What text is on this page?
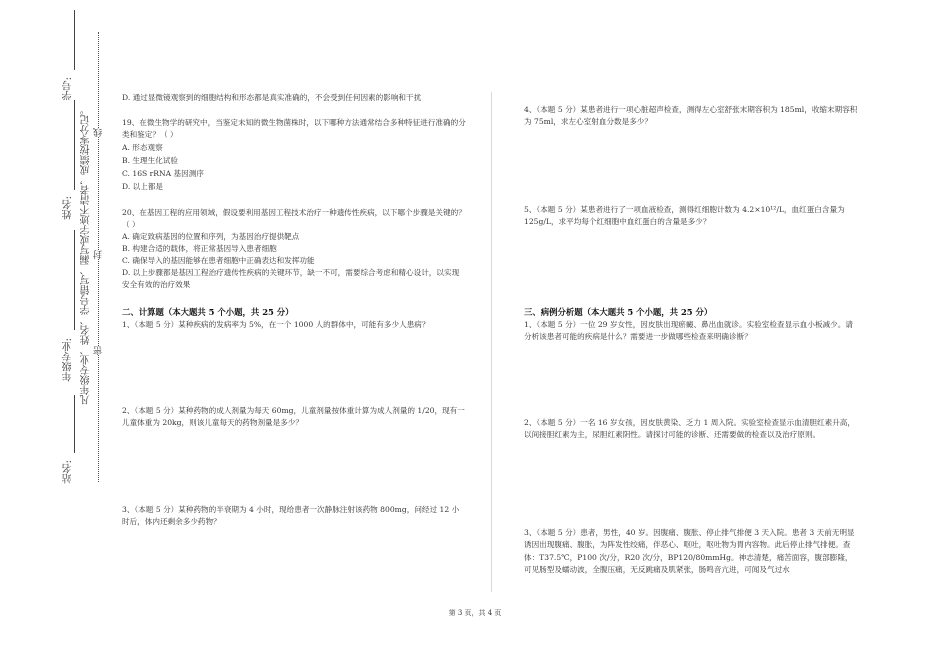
学号:
姓名:
年级专业:
站名:
凡年级专业、姓名、学号错写、漏写或字迹不清者，成绩按零分记。 密
封
线

D. 通过显微镜观察到的细胞结构和形态都是真实准确的，不会受到任何因素的影响和干扰

19、在微生物学的研究中，当鉴定未知的微生物菌株时，以下哪种方法通常结合多种特征进行准确的分类和鉴定？（ ）

A. 形态观察

B. 生理生化试验

C. 16S rRNA 基因测序

D. 以上都是

20、在基因工程的应用领域，假设要利用基因工程技术治疗一种遗传性疾病，以下哪个步骤是关键的？（ ）

A. 确定致病基因的位置和序列，为基因治疗提供靶点

B. 构建合适的载体，将正常基因导入患者细胞

C. 确保导入的基因能够在患者细胞中正确表达和发挥功能

D. 以上步骤都是基因工程治疗遗传性疾病的关键环节，缺一不可，需要综合考虑和精心设计，以实现安全有效的治疗效果

二、计算题（本大题共 5 个小题，共 25 分）

1、（本题 5 分）某种疾病的发病率为 5%，在一个 1000 人的群体中，可能有多少人患病？

2、（本题 5 分）某种药物的成人剂量为每天 60mg，儿童剂量按体重计算为成人剂量的 1/20，现有一儿童体重为 20kg，则该儿童每天的药物剂量是多少？

3、（本题 5 分）某种药物的半衰期为 4 小时，现给患者一次静脉注射该药物 800mg，问经过 12 小时后，体内还剩余多少药物？

4、（本题 5 分）某患者进行一项心脏超声检查，测得左心室舒张末期容积为 185ml，收缩末期容积为 75ml，求左心室射血分数是多少？

5、（本题 5 分）某患者进行了一项血液检查，测得红细胞计数为 4.2×10¹²/L，血红蛋白含量为 125g/L，求平均每个红细胞中血红蛋白的含量是多少？

三、病例分析题（本大题共 5 个小题，共 25 分）

1、（本题 5 分）一位 29 岁女性，因皮肤出现瘀癜、鼻出血就诊。实验室检查显示血小板减少。请分析该患者可能的疾病是什么？需要进一步做哪些检查来明确诊断？

2、（本题 5 分）一名 16 岁女孩，因皮肤黄染、乏力 1 周入院。实验室检查显示血清胆红素升高，以间接胆红素为主，尿胆红素阴性。请探讨可能的诊断、还需要做的检查以及治疗原则。

3、（本题 5 分）患者，男性，40 岁。因腹痛、腹胀、停止排气排便 3 天入院。患者 3 天前无明显诱因出现腹痛、腹胀，为阵发性绞痛，伴恶心、呕吐，呕吐物为胃内容物。此后停止排气排便。查体：T37.5℃，P100 次/分，R20 次/分，BP120/80mmHg。神志清楚，痛苦面容，腹部膨隆，可见肠型及蠕动波，全腹压痛，无反跳痛及肌紧张，肠鸣音亢进，可闻及气过水

第 3 页，共 4 页
